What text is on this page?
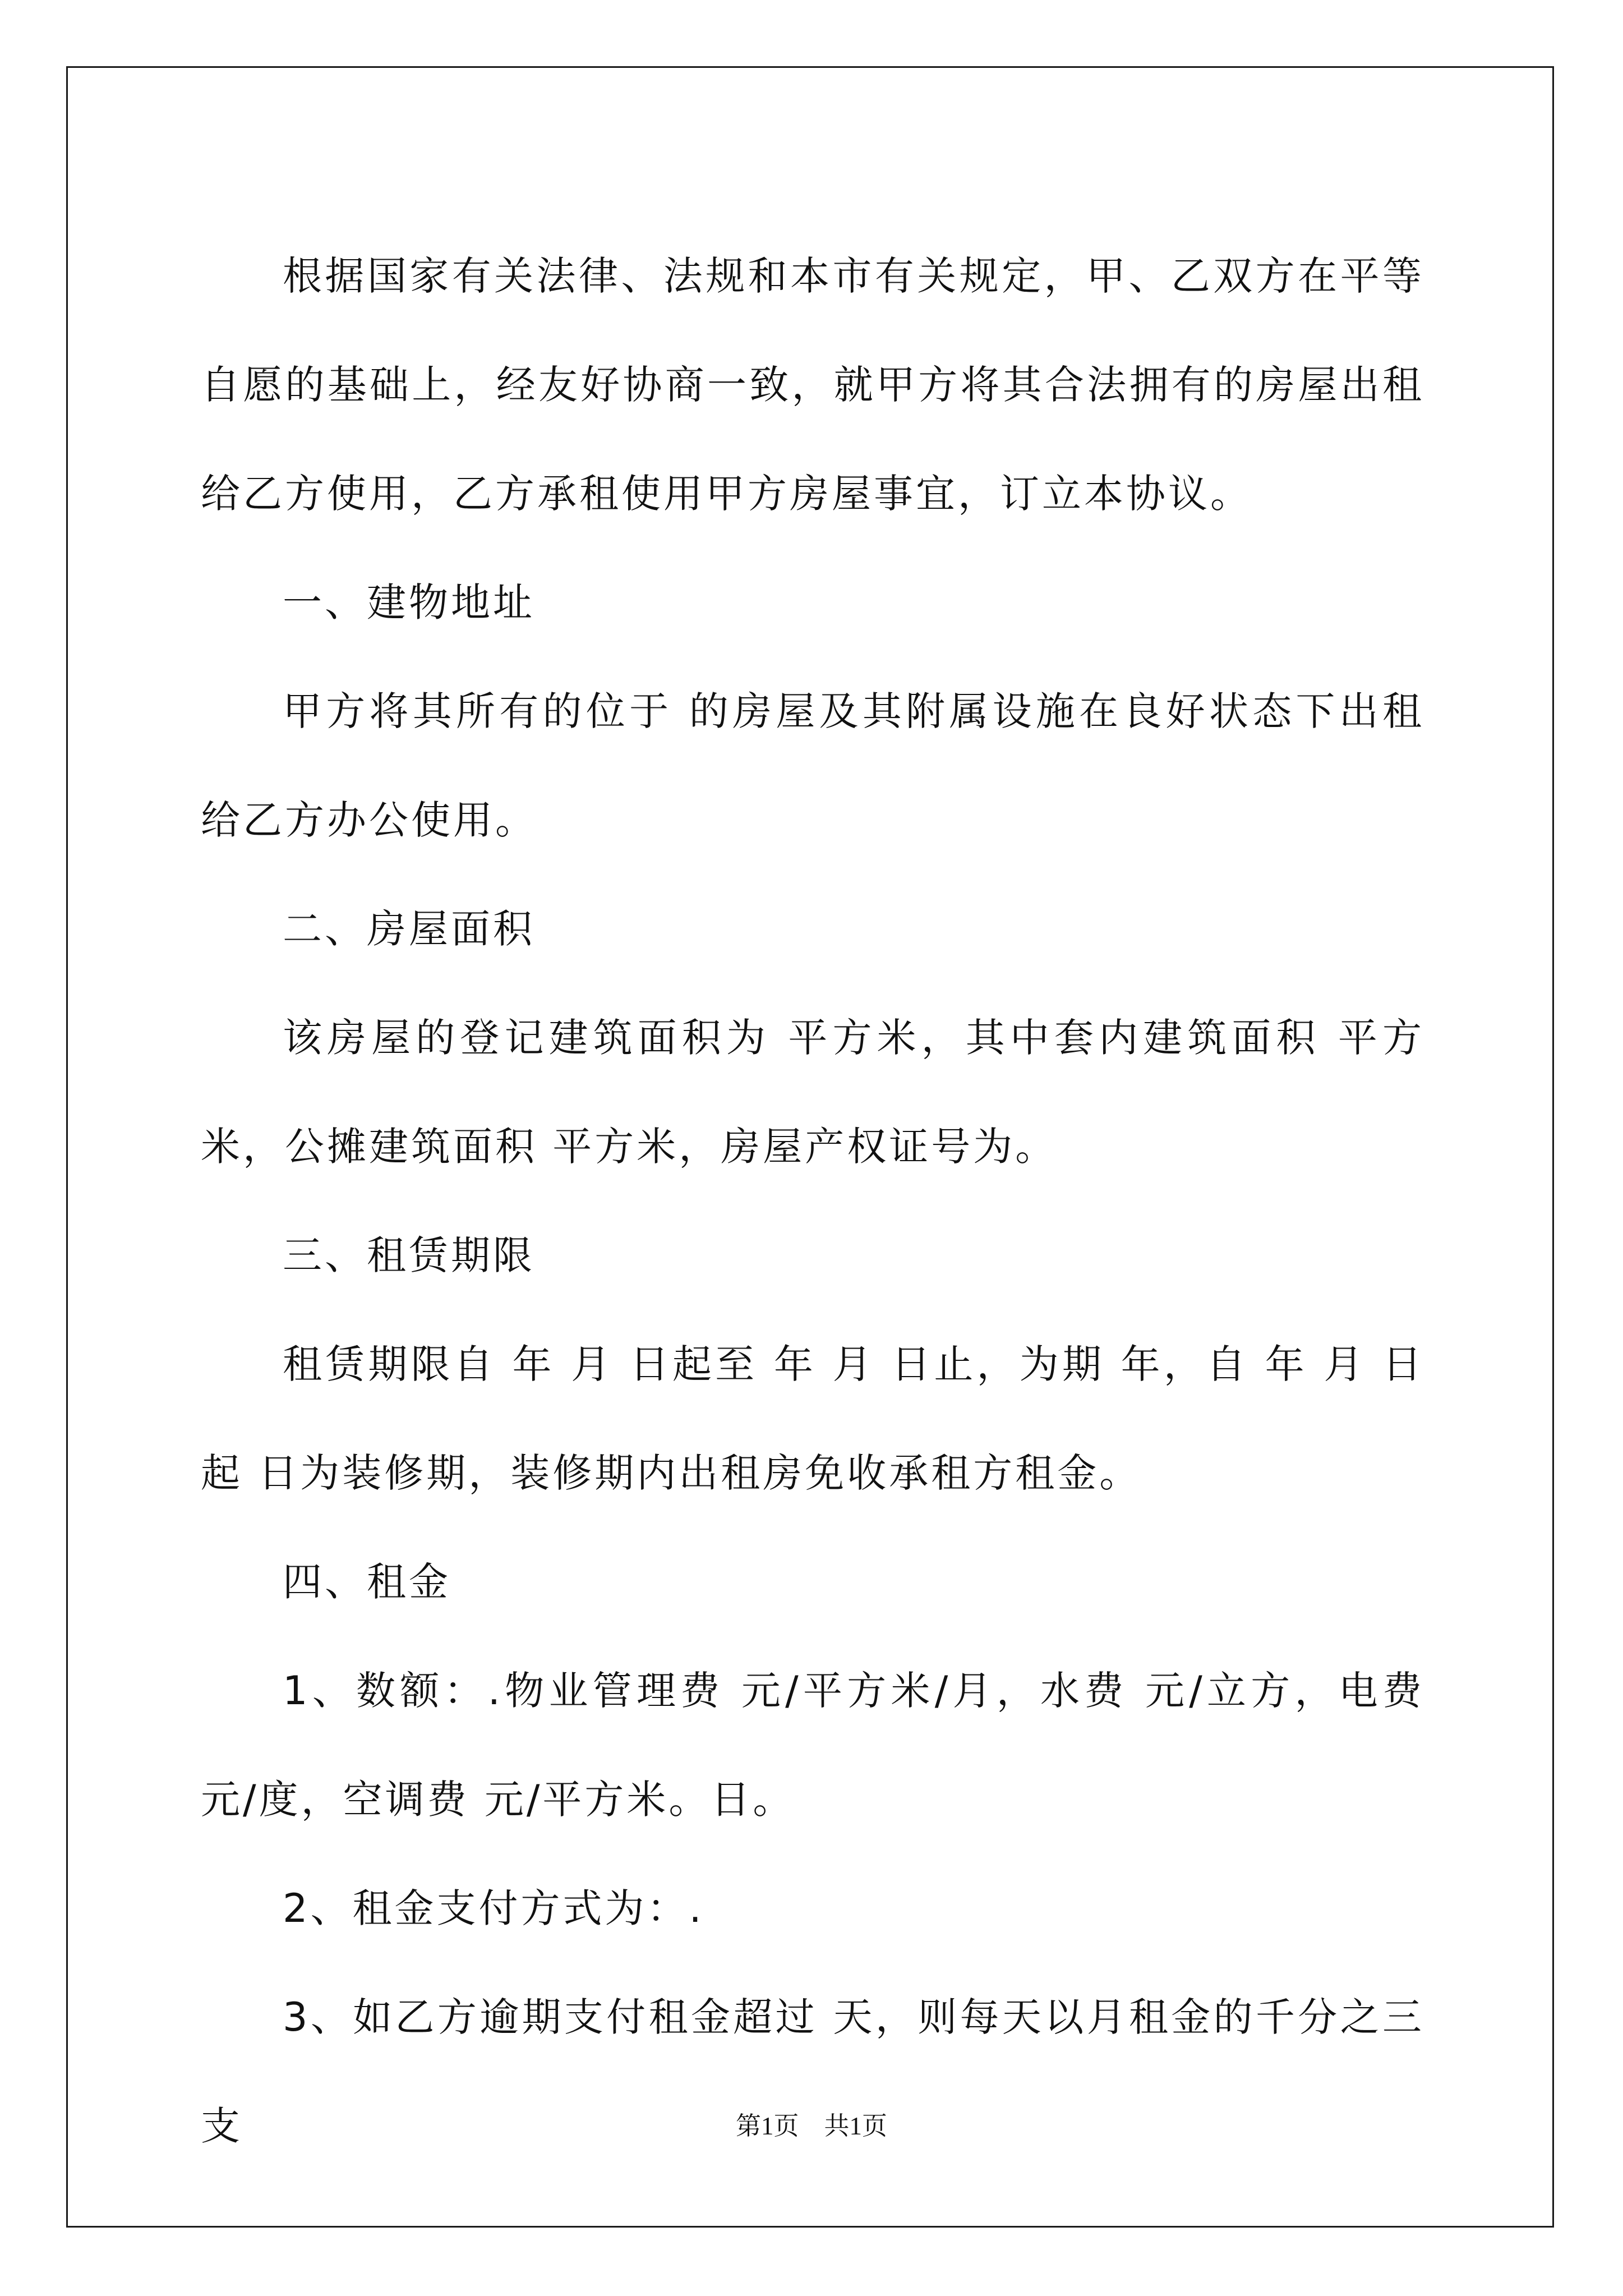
根据国家有关法律、法规和本市有关规定，甲、乙双方在平等自愿的基础上，经友好协商一致，就甲方将其合法拥有的房屋出租给乙方使用，乙方承租使用甲方房屋事宜，订立本协议。

一、建物地址

甲方将其所有的位于 的房屋及其附属设施在良好状态下出租给乙方办公使用。

二、房屋面积

该房屋的登记建筑面积为 平方米，其中套内建筑面积 平方米，公摊建筑面积 平方米，房屋产权证号为。

三、租赁期限

租赁期限自 年 月 日起至 年 月 日止，为期 年，自 年 月 日起 日为装修期，装修期内出租房免收承租方租金。

四、租金

1、数额：.物业管理费 元/平方米/月，水费 元/立方，电费 元/度，空调费 元/平方米。日。

2、租金支付方式为：.

3、如乙方逾期支付租金超过 天，则每天以月租金的千分之三支	第1页　共1页
